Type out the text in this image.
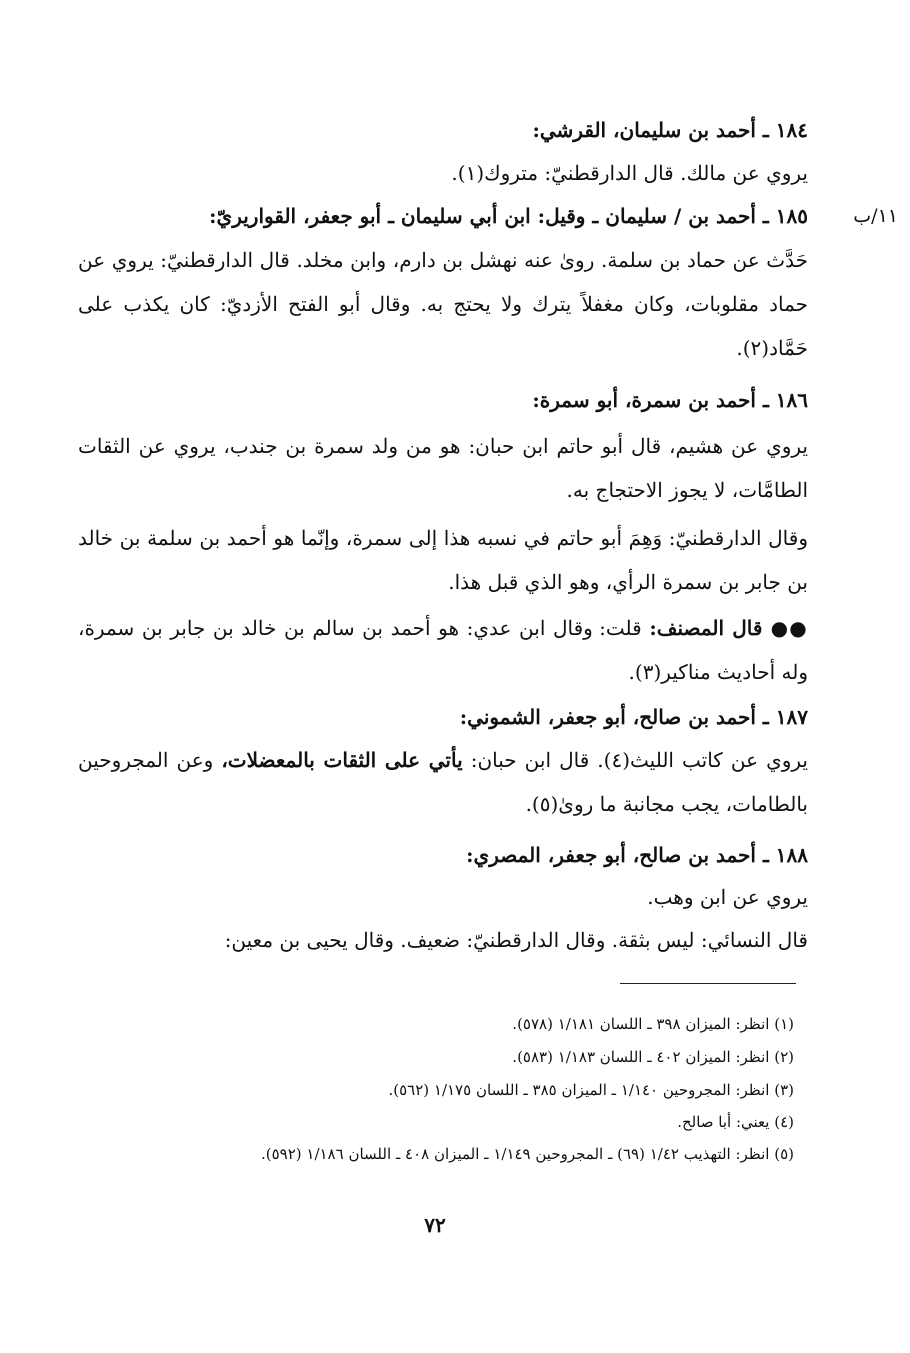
١١/ب
١٨٤ ـ أحمد بن سليمان، القرشي:
يروي عن مالك. قال الدارقطنيّ: متروك(١).
١٨٥ ـ أحمد بن / سليمان ـ وقيل: ابن أبي سليمان ـ أبو جعفر، القواريريّ:
حَدَّث عن حماد بن سلمة. روىٰ عنه نهشل بن دارم، وابن مخلد. قال الدارقطنيّ: يروي عن حماد مقلوبات، وكان مغفلاً يترك ولا يحتج به. وقال أبو الفتح الأزديّ: كان يكذب على حَمَّاد(٢).
١٨٦ ـ أحمد بن سمرة، أبو سمرة:
يروي عن هشيم، قال أبو حاتم ابن حبان: هو من ولد سمرة بن جندب، يروي عن الثقات الطامَّات، لا يجوز الاحتجاج به.
وقال الدارقطنيّ: وَهِمَ أبو حاتم في نسبه هذا إلى سمرة، وإنّما هو أحمد بن سلمة بن خالد بن جابر بن سمرة الرأي، وهو الذي قبل هذا.
●● قال المصنف: قلت: وقال ابن عدي: هو أحمد بن سالم بن خالد بن جابر بن سمرة، وله أحاديث مناكير(٣).
١٨٧ ـ أحمد بن صالح، أبو جعفر، الشموني:
يروي عن كاتب الليث(٤). قال ابن حبان: يأتي على الثقات بالمعضلات، وعن المجروحين بالطامات، يجب مجانبة ما روىٰ(٥).
١٨٨ ـ أحمد بن صالح، أبو جعفر، المصري:
يروي عن ابن وهب.
قال النسائي: ليس بثقة. وقال الدارقطنيّ: ضعيف. وقال يحيى بن معين:
(١) انظر: الميزان ٣٩٨ ـ اللسان ١/١٨١ (٥٧٨).
(٢) انظر: الميزان ٤٠٢ ـ اللسان ١/١٨٣ (٥٨٣).
(٣) انظر: المجروحين ١/١٤٠ ـ الميزان ٣٨٥ ـ اللسان ١/١٧٥ (٥٦٢).
(٤) يعني: أبا صالح.
(٥) انظر: التهذيب ١/٤٢ (٦٩) ـ المجروحين ١/١٤٩ ـ الميزان ٤٠٨ ـ اللسان ١/١٨٦ (٥٩٢).
٧٢
